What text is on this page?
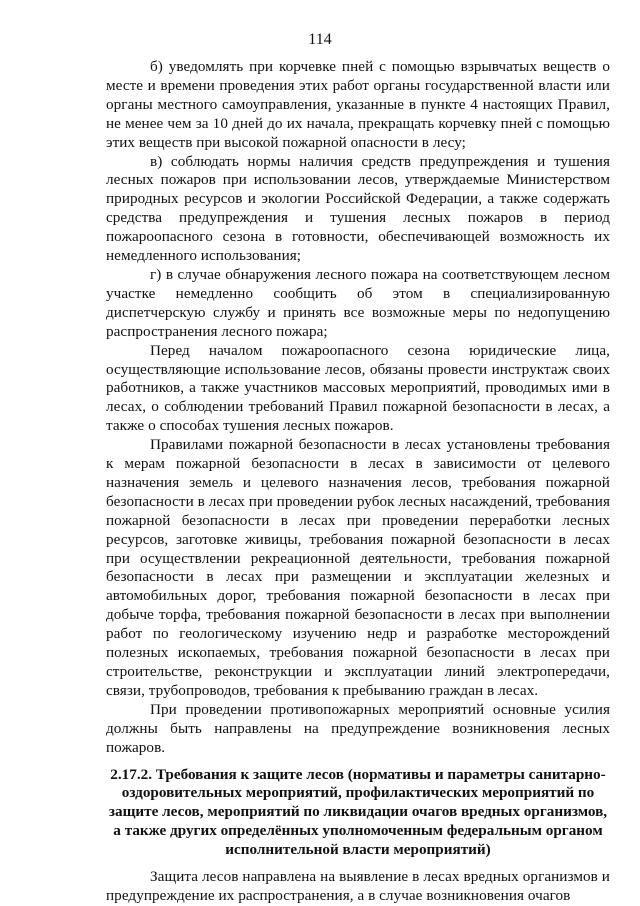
114

б) уведомлять при корчевке пней с помощью взрывчатых веществ о месте и времени проведения этих работ органы государственной власти или органы местного самоуправления, указанные в пункте 4 настоящих Правил, не менее чем за 10 дней до их начала, прекращать корчевку пней с помощью этих веществ при высокой пожарной опасности в лесу;

в) соблюдать нормы наличия средств предупреждения и тушения лесных пожаров при использовании лесов, утверждаемые Министерством природных ресурсов и экологии Российской Федерации, а также содержать средства предупреждения и тушения лесных пожаров в период пожароопасного сезона в готовности, обеспечивающей возможность их немедленного использования;

г) в случае обнаружения лесного пожара на соответствующем лесном участке немедленно сообщить об этом в специализированную диспетчерскую службу и принять все возможные меры по недопущению распространения лесного пожара;

Перед началом пожароопасного сезона юридические лица, осуществляющие использование лесов, обязаны провести инструктаж своих работников, а также участников массовых мероприятий, проводимых ими в лесах, о соблюдении требований Правил пожарной безопасности в лесах, а также о способах тушения лесных пожаров.

Правилами пожарной безопасности в лесах установлены требования к мерам пожарной безопасности в лесах в зависимости от целевого назначения земель и целевого назначения лесов, требования пожарной безопасности в лесах при проведении рубок лесных насаждений, требования пожарной безопасности в лесах при проведении переработки лесных ресурсов, заготовке живицы, требования пожарной безопасности в лесах при осуществлении рекреационной деятельности, требования пожарной безопасности в лесах при размещении и эксплуатации железных и автомобильных дорог, требования пожарной безопасности в лесах при добыче торфа, требования пожарной безопасности в лесах при выполнении работ по геологическому изучению недр и разработке месторождений полезных ископаемых, требования пожарной безопасности в лесах при строительстве, реконструкции и эксплуатации линий электропередачи, связи, трубопроводов, требования к пребыванию граждан в лесах.

При проведении противопожарных мероприятий основные усилия должны быть направлены на предупреждение возникновения лесных пожаров.

2.17.2. Требования к защите лесов (нормативы и параметры санитарно-оздоровительных мероприятий, профилактических мероприятий по защите лесов, мероприятий по ликвидации очагов вредных организмов, а также других определённых уполномоченным федеральным органом исполнительной власти мероприятий)

Защита лесов направлена на выявление в лесах вредных организмов и предупреждение их распространения, а в случае возникновения очагов
